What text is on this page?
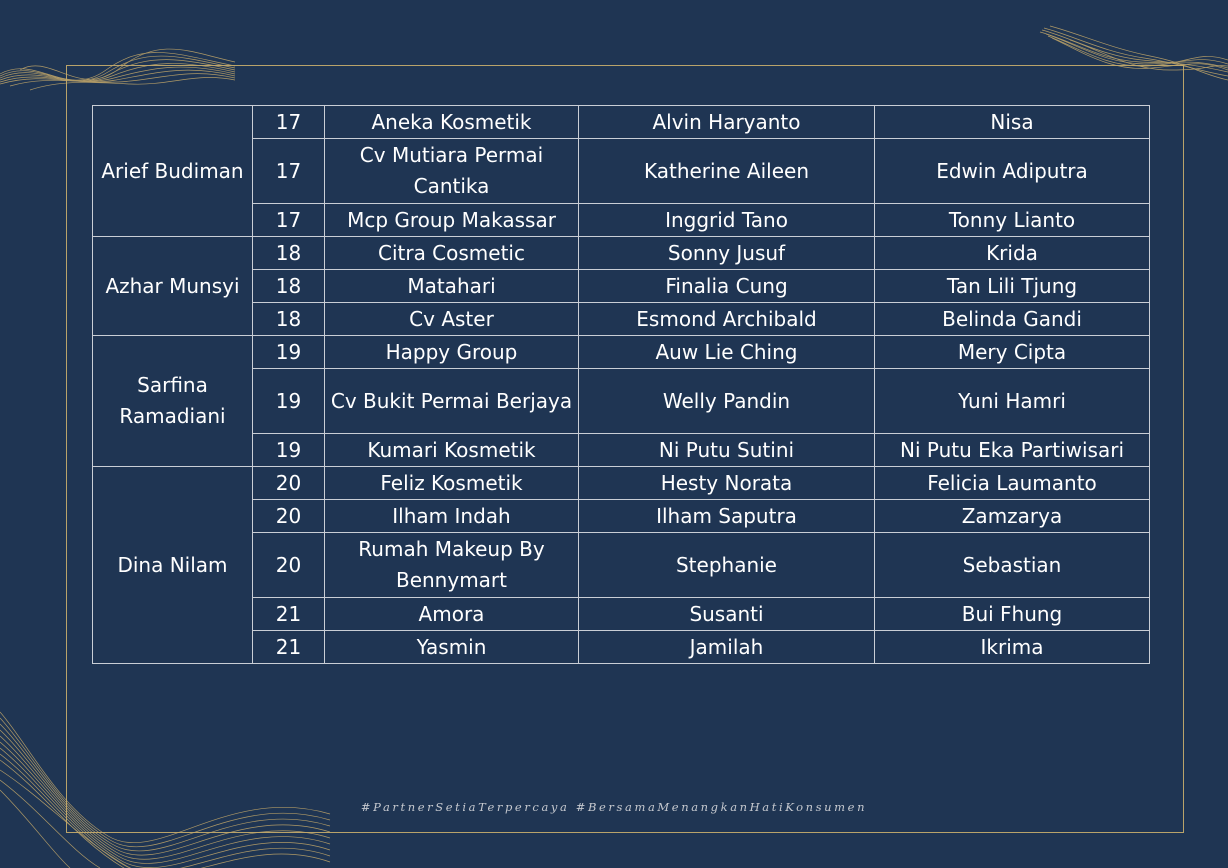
Arief Budiman	17	Aneka Kosmetik	Alvin Haryanto	Nisa
	17	Cv Mutiara Permai Cantika	Katherine Aileen	Edwin Adiputra
	17	Mcp Group Makassar	Inggrid Tano	Tonny Lianto
Azhar Munsyi	18	Citra Cosmetic	Sonny Jusuf	Krida
	18	Matahari	Finalia Cung	Tan Lili Tjung
	18	Cv Aster	Esmond Archibald	Belinda Gandi
Sarfina Ramadiani	19	Happy Group	Auw Lie Ching	Mery Cipta
	19	Cv Bukit Permai Berjaya	Welly Pandin	Yuni Hamri
	19	Kumari Kosmetik	Ni Putu Sutini	Ni Putu Eka Partiwisari
Dina Nilam	20	Feliz Kosmetik	Hesty Norata	Felicia Laumanto
	20	Ilham Indah	Ilham Saputra	Zamzarya
	20	Rumah Makeup By Bennymart	Stephanie	Sebastian
	21	Amora	Susanti	Bui Fhung
	21	Yasmin	Jamilah	Ikrima
#PartnerSetiaTerpercaya #BersamaMenangkanHatiKonsumen
